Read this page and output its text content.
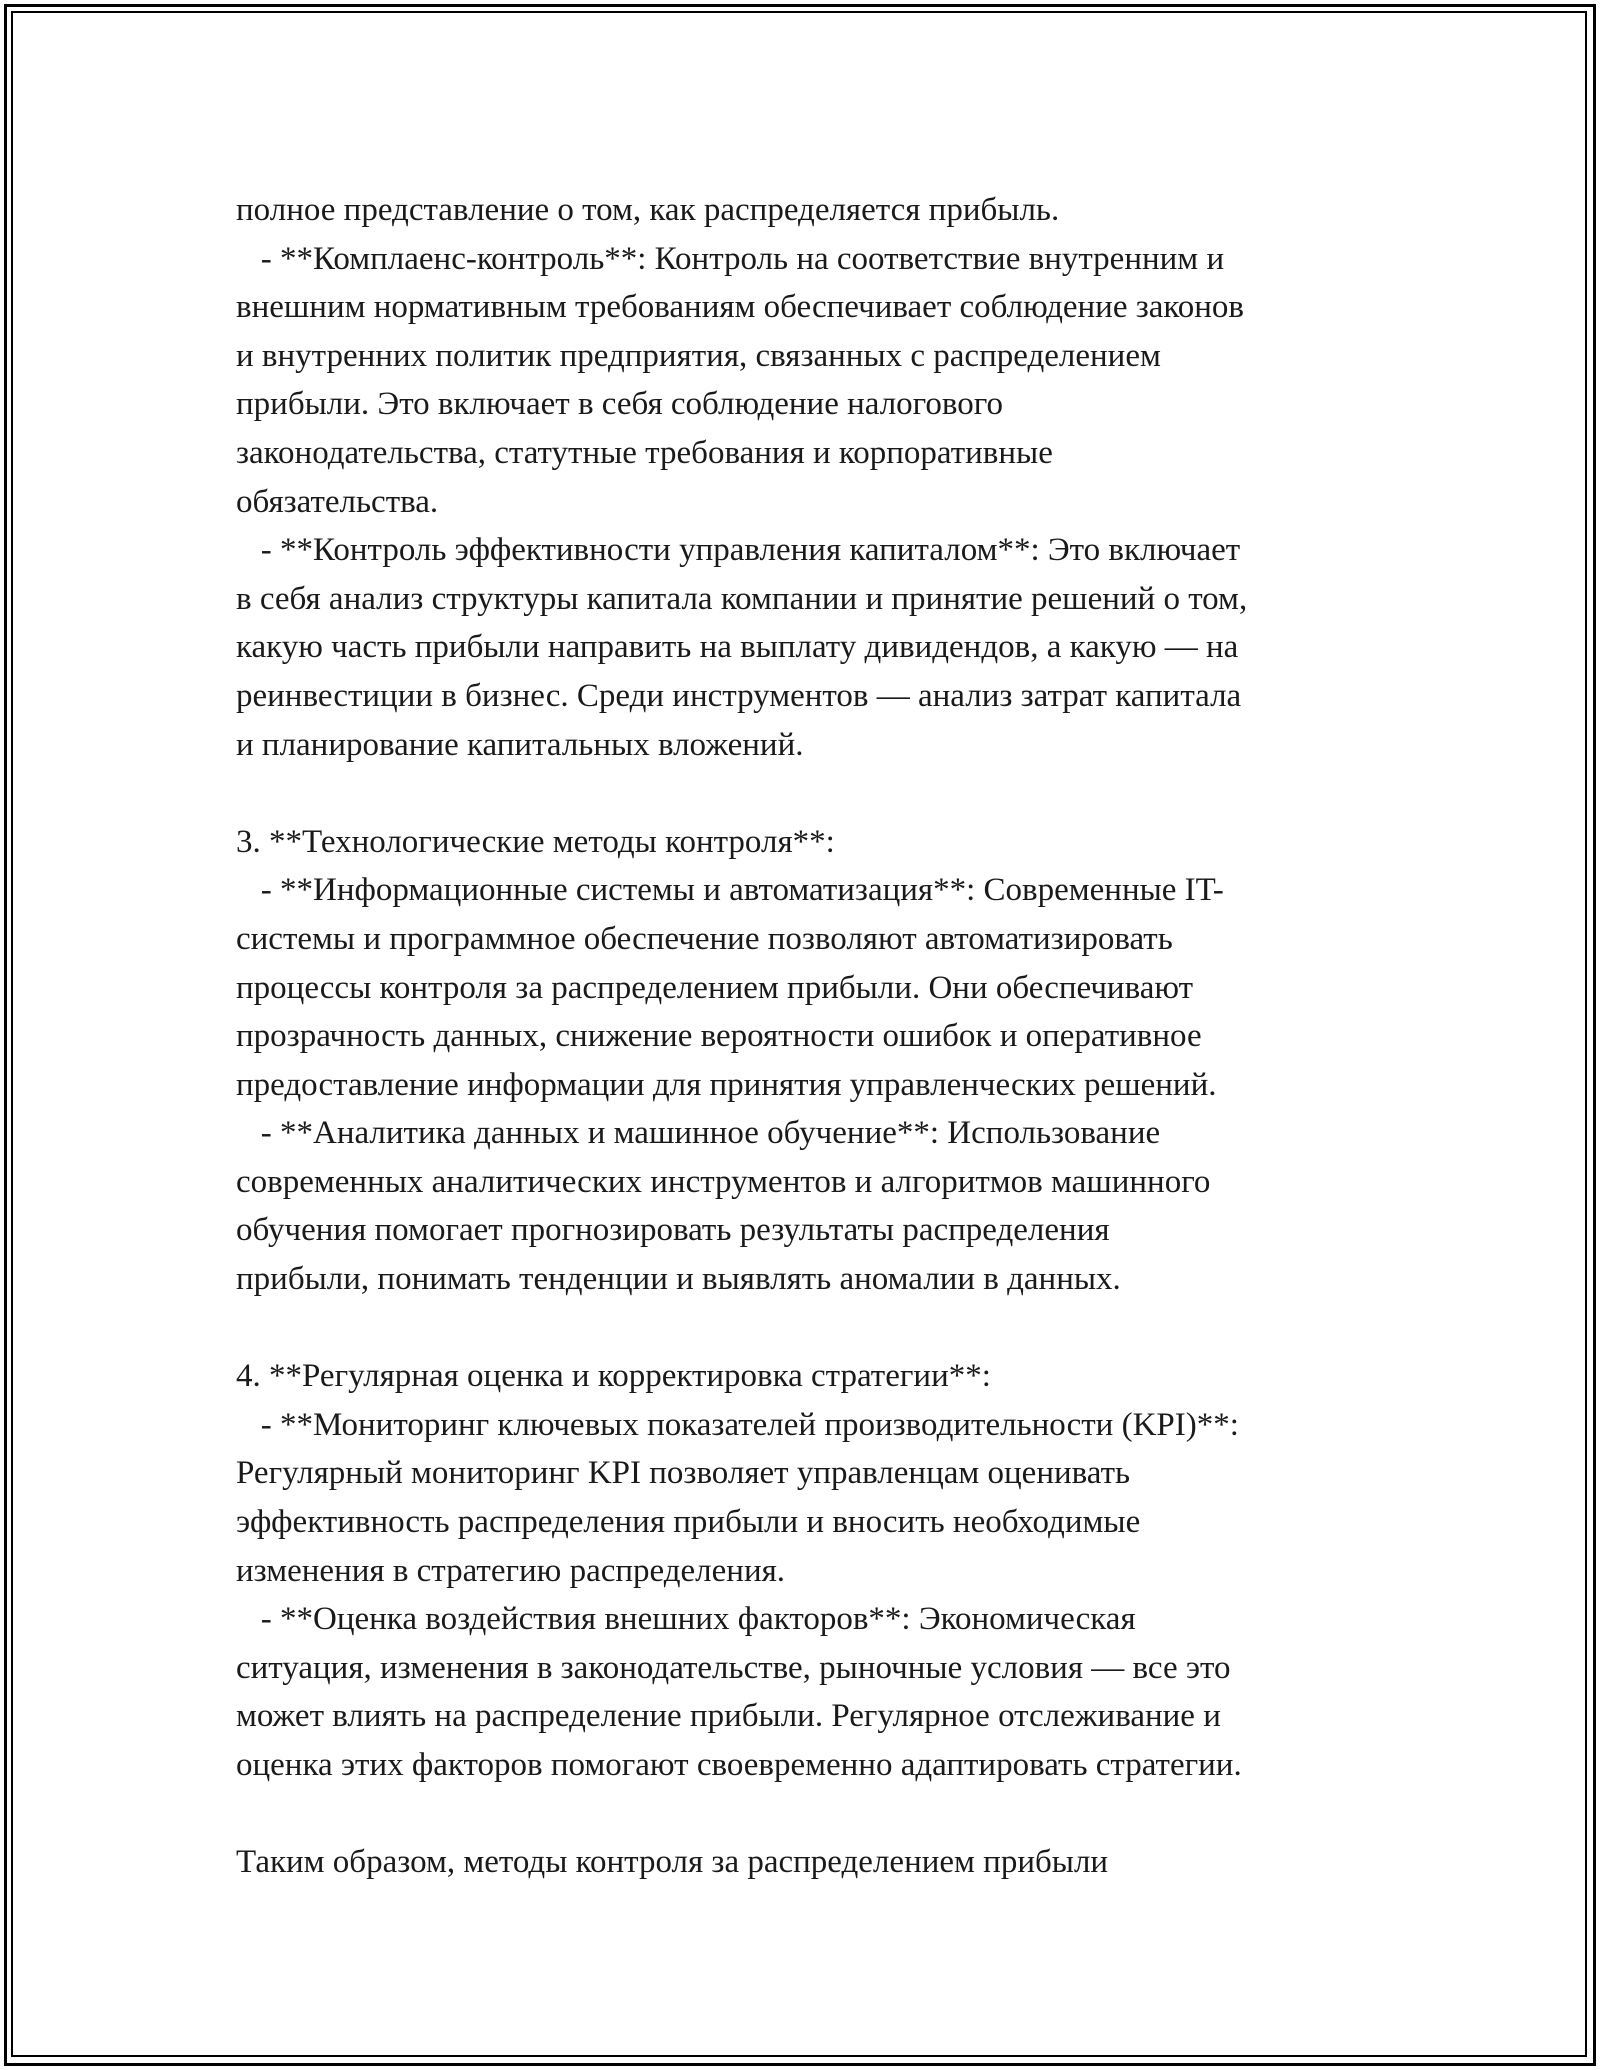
полное представление о том, как распределяется прибыль.
- **Комплаенс-контроль**: Контроль на соответствие внутренним и
внешним нормативным требованиям обеспечивает соблюдение законов
и внутренних политик предприятия, связанных с распределением
прибыли. Это включает в себя соблюдение налогового
законодательства, статутные требования и корпоративные
обязательства.
- **Контроль эффективности управления капиталом**: Это включает
в себя анализ структуры капитала компании и принятие решений о том,
какую часть прибыли направить на выплату дивидендов, а какую — на
реинвестиции в бизнес. Среди инструментов — анализ затрат капитала
и планирование капитальных вложений.
3. **Технологические методы контроля**:
- **Информационные системы и автоматизация**: Современные IT-
системы и программное обеспечение позволяют автоматизировать
процессы контроля за распределением прибыли. Они обеспечивают
прозрачность данных, снижение вероятности ошибок и оперативное
предоставление информации для принятия управленческих решений.
- **Аналитика данных и машинное обучение**: Использование
современных аналитических инструментов и алгоритмов машинного
обучения помогает прогнозировать результаты распределения
прибыли, понимать тенденции и выявлять аномалии в данных.
4. **Регулярная оценка и корректировка стратегии**:
- **Мониторинг ключевых показателей производительности (KPI)**:
Регулярный мониторинг KPI позволяет управленцам оценивать
эффективность распределения прибыли и вносить необходимые
изменения в стратегию распределения.
- **Оценка воздействия внешних факторов**: Экономическая
ситуация, изменения в законодательстве, рыночные условия — все это
может влиять на распределение прибыли. Регулярное отслеживание и
оценка этих факторов помогают своевременно адаптировать стратегии.
Таким образом, методы контроля за распределением прибыли
